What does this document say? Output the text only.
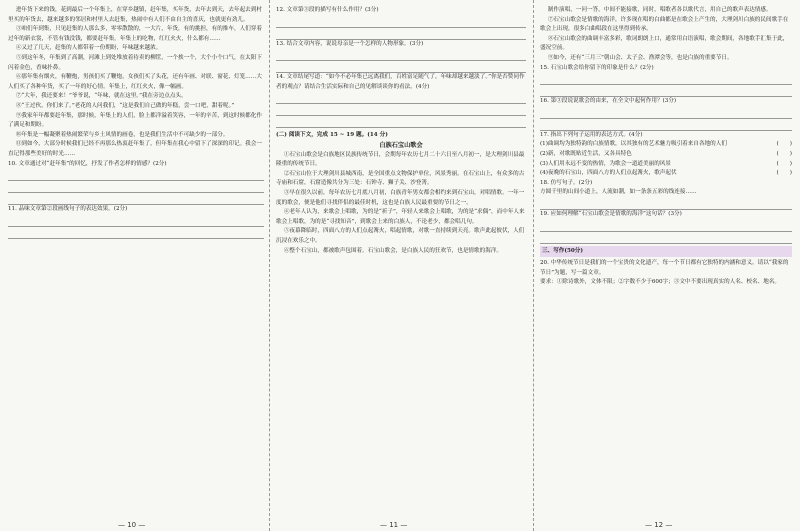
进年货下来的钱，花到最后一个年集上，在穿乡越镇，赶年集，买年货，去年去到天，去年起去到村里买的年货去，越来越多的邻居和村里人去赶集，热闹中有人们不由自主的喜庆，也就更有劲儿。

③咱们年到集，只见赶集的人那么多，零零散散的，一大片，年货，有的挑担，有的推车，人们穿着过年的新衣裳，不管有钱没钱，都要赶年集。年集上的吃物，红红火火，什么都有……

④又过了几天，赶集的人都带着一份期盼，年味越来越浓。

⑤到这年冬，年集到了高潮，河滩上到处堆放着待卖的柳筐，一个挨一个，大个小个口气，在太阳下闪着金色，香味扑鼻。

⑥那年集有烟火，有鞭炮，男孩们买了鞭炮，女孩们买了头花，还有年画、对联、窗花、灯笼……大人们买了各种年货，买了一年的好心情。年集上，红红火火，像一幅画。

⑦“大年，我还要来！”爷爷说，“年味，就在这里。”我在旁边点点头。

⑧“王过伙，你们来了。”老花的人问我们，“这是我们自己做的年糕，尝一口吧，甜着呢。”

⑨我家年年都要赶年集，那时候，年集上的人们，脸上都洋溢着笑容，一年的辛苦，到这时候都化作了满足和期盼。

⑩年集是一幅凝聚着热闹繁荣与乡土风情的画卷，也是我们生活中不可缺少的一部分。

⑪到如今，大部分时候我们已经不再那么热衷赶年集了，但年集在我心中留下了深深的印记。我会一直记得那些美好的时光……

10. 文章通过对“赶年集”的回忆，抒发了作者怎样的情感？(2分)

11. 品味文章第②段画线句子的表达效果。(2分)

12. 文章第③段的描写有什么作用？(3分)

13. 结合文章内容，说说母亲是一个怎样的人物形象。(3分)

14. 文章结尾写道：“如今不必年集已远离我们，百姓富足随气了，年味却越来越淡了。”你是否赞同作者的观点？请结合生活实际和自己的见解谈谈你的看法。(4分)

(二) 阅读下文，完成 15 ~ 19 题。(14 分)

白族石宝山歌会

①石宝山歌会是白族地区民族传统节日，会期每年农历七月二十六日至八月初一，是大理剑川县最隆重的传统节日。

②石宝山位于大理剑川县城西南，是全国重点文物保护单位，风景秀丽。在石宝山上，有众多的古寺庙和石窟，石窟造像共分为三处：石钟寺、狮子关、沙登箐。

③早在很久以前，每年农历七月底八月初，白族青年男女都会相约来到石宝山，对唱情歌。一年一度的歌会，便是他们寻找伴侣的最佳时机，这也是白族人民最重要的节日之一。

④老年人认为，来歌会上唱歌，为的是“祈子”，年轻人来歌会上唱歌，为的是“求偶”，而中年人来歌会上唱歌，为的是“寻找知音”，到歌会上来的白族人，不论老少，都会唱几句。

⑤夜幕降临时，四面八方的人们点起篝火，唱起情歌，对歌一直持续到天亮。歌声此起彼伏，人们沉浸在欢乐之中。

⑥整个石宝山，都被歌声包围着。石宝山歌会，是白族人民的狂欢节，也是情歌的海洋。

制作演唱，一问一答，中间不能接歌，同时，唱歌者各以歌代言，用自己的歌声表达情感。

⑦石宝山歌会是情歌的海洋，许多现在唱的白曲都是在歌会上产生的，大理剑川白族的民间歌手在歌会上出现，很多白曲唱段在这里得到传承。

⑧石宝山歌会的曲调丰富多彩，歌词朗朗上口，通常用白语演唱，歌会期间，各地歌手汇集于此，盛况空前。

⑨如今，还有“三月三”朝山会、太子会、渔潭会等，也是白族的重要节日。

15. 石宝山歌会给你留下的印象是什么？(2分)

16. 第③段说说歌会的由来，在全文中起何作用？(3分)

17. 指出下列句子运用的表达方式。(4分)

(1)曲调均为独特韵的白族情歌，以其独有的艺术魅力吸引着来自各地的人们	(　　)

(2)新，对歌既贴近生活，又各具特色	(　　)

(3)人们用永远不变的热情，为歌会一道道美丽的风景	(　　)

(4)夜晚的石宝山，四面八方的人们点起篝火，歌声起伏	(　　)

18. 仿写句子。(2分)

方圆千里的山间小道上，人流如潮，如一条条五彩的线连接……

19. 应如何理解“石宝山歌会是情歌的海洋”这句话？(3分)

三、写作(50分)

20. 中华传统节日是我们的一个宝贵的文化遗产，每一个节日都有它独特的内涵和意义。请以“我家的节日”为题，写一篇文章。

要求：①除诗歌外，文体不限；②字数不少于600字；③文中不要出现真实的人名、校名、地名。

— 10 —	— 11 —	— 12 —
